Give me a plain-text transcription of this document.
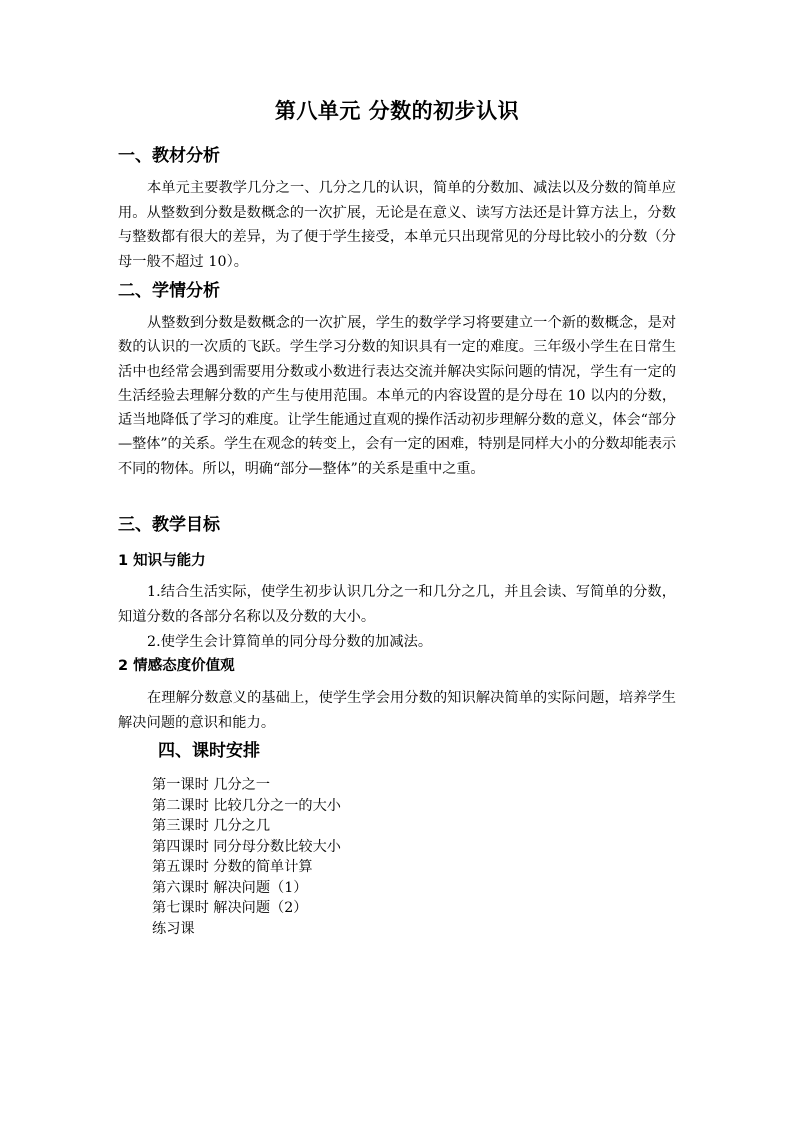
第八单元 分数的初步认识
一、教材分析
本单元主要教学几分之一、几分之几的认识，简单的分数加、减法以及分数的简单应用。从整数到分数是数概念的一次扩展，无论是在意义、读写方法还是计算方法上，分数与整数都有很大的差异，为了便于学生接受，本单元只出现常见的分母比较小的分数（分母一般不超过 10）。
二、学情分析
从整数到分数是数概念的一次扩展，学生的数学学习将要建立一个新的数概念，是对数的认识的一次质的飞跃。学生学习分数的知识具有一定的难度。三年级小学生在日常生活中也经常会遇到需要用分数或小数进行表达交流并解决实际问题的情况，学生有一定的生活经验去理解分数的产生与使用范围。本单元的内容设置的是分母在 10 以内的分数，适当地降低了学习的难度。让学生能通过直观的操作活动初步理解分数的意义，体会“部分—整体”的关系。学生在观念的转变上，会有一定的困难，特别是同样大小的分数却能表示不同的物体。所以，明确“部分—整体”的关系是重中之重。
三、教学目标
1 知识与能力
1.结合生活实际，使学生初步认识几分之一和几分之几，并且会读、写简单的分数，知道分数的各部分名称以及分数的大小。
2.使学生会计算简单的同分母分数的加减法。
2 情感态度价值观
在理解分数意义的基础上，使学生学会用分数的知识解决简单的实际问题，培养学生解决问题的意识和能力。
四、课时安排
第一课时 几分之一
第二课时 比较几分之一的大小
第三课时 几分之几
第四课时 同分母分数比较大小
第五课时 分数的简单计算
第六课时 解决问题（1）
第七课时 解决问题（2）
练习课
